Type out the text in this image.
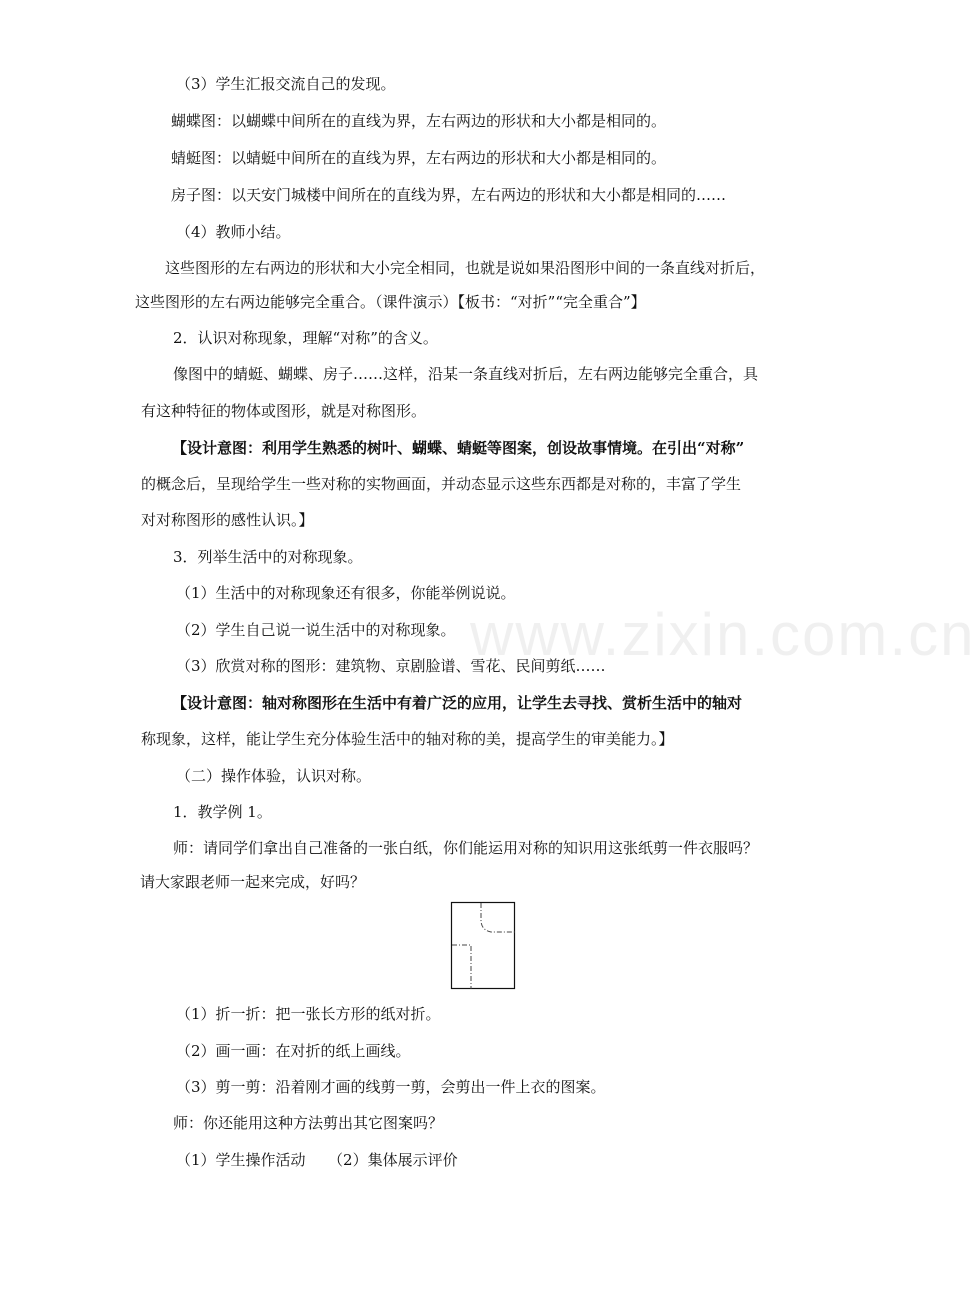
（3）学生汇报交流自己的发现。
蝴蝶图：以蝴蝶中间所在的直线为界，左右两边的形状和大小都是相同的。
蜻蜓图：以蜻蜓中间所在的直线为界，左右两边的形状和大小都是相同的。
房子图：以天安门城楼中间所在的直线为界，左右两边的形状和大小都是相同的……
（4）教师小结。
这些图形的左右两边的形状和大小完全相同，也就是说如果沿图形中间的一条直线对折后，
这些图形的左右两边能够完全重合。（课件演示）【板书：“对折”“完全重合”】
2．认识对称现象，理解“对称”的含义。
像图中的蜻蜓、蝴蝶、房子……这样，沿某一条直线对折后，左右两边能够完全重合，具
有这种特征的物体或图形，就是对称图形。
【设计意图：利用学生熟悉的树叶、蝴蝶、蜻蜓等图案，创设故事情境。在引出“对称”
的概念后，呈现给学生一些对称的实物画面，并动态显示这些东西都是对称的，丰富了学生
对对称图形的感性认识。】
3．列举生活中的对称现象。
（1）生活中的对称现象还有很多，你能举例说说。
（2）学生自己说一说生活中的对称现象。
（3）欣赏对称的图形：建筑物、京剧脸谱、雪花、民间剪纸……
【设计意图：轴对称图形在生活中有着广泛的应用，让学生去寻找、赏析生活中的轴对
称现象，这样，能让学生充分体验生活中的轴对称的美，提高学生的审美能力。】
（二）操作体验，认识对称。
1．教学例 1。
师：请同学们拿出自己准备的一张白纸，你们能运用对称的知识用这张纸剪一件衣服吗？
请大家跟老师一起来完成，好吗？
（1）折一折：把一张长方形的纸对折。
（2）画一画：在对折的纸上画线。
（3）剪一剪：沿着刚才画的线剪一剪，会剪出一件上衣的图案。
师：你还能用这种方法剪出其它图案吗？
（1）学生操作活动　　（2）集体展示评价
www.zixin.com.cn
